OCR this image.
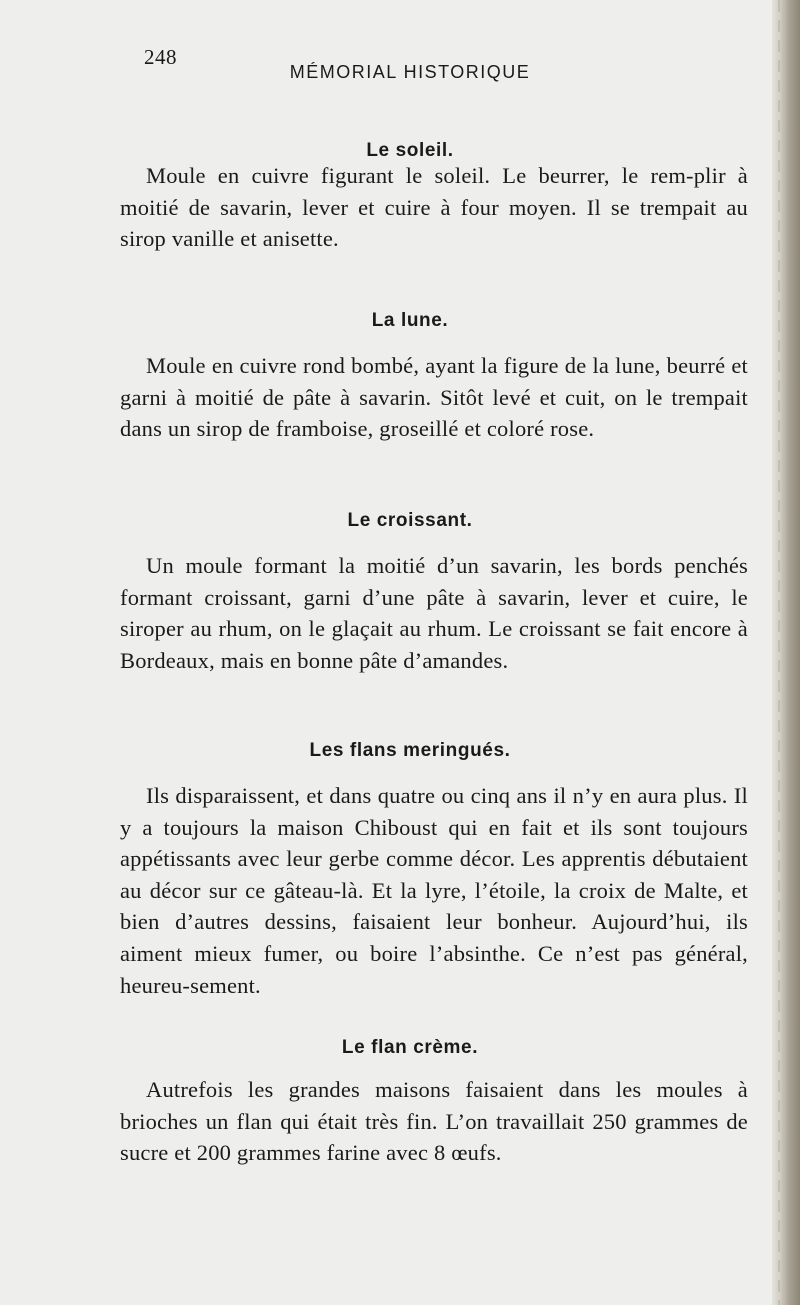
248
MÉMORIAL HISTORIQUE
Le soleil.

Moule en cuivre figurant le soleil. Le beurrer, le rem-plir à moitié de savarin, lever et cuire à four moyen. Il se trempait au sirop vanille et anisette.

La lune.

Moule en cuivre rond bombé, ayant la figure de la lune, beurré et garni à moitié de pâte à savarin. Sitôt levé et cuit, on le trempait dans un sirop de framboise, groseillé et coloré rose.

Le croissant.

Un moule formant la moitié d’un savarin, les bords penchés formant croissant, garni d’une pâte à savarin, lever et cuire, le siroper au rhum, on le glaçait au rhum. Le croissant se fait encore à Bordeaux, mais en bonne pâte d’amandes.

Les flans meringués.

Ils disparaissent, et dans quatre ou cinq ans il n’y en aura plus. Il y a toujours la maison Chiboust qui en fait et ils sont toujours appétissants avec leur gerbe comme décor. Les apprentis débutaient au décor sur ce gâteau-là. Et la lyre, l’étoile, la croix de Malte, et bien d’autres dessins, faisaient leur bonheur. Aujourd’hui, ils aiment mieux fumer, ou boire l’absinthe. Ce n’est pas général, heureu-sement.

Le flan crème.

Autrefois les grandes maisons faisaient dans les moules à brioches un flan qui était très fin. L’on travaillait 250 grammes de sucre et 200 grammes farine avec 8 œufs.
